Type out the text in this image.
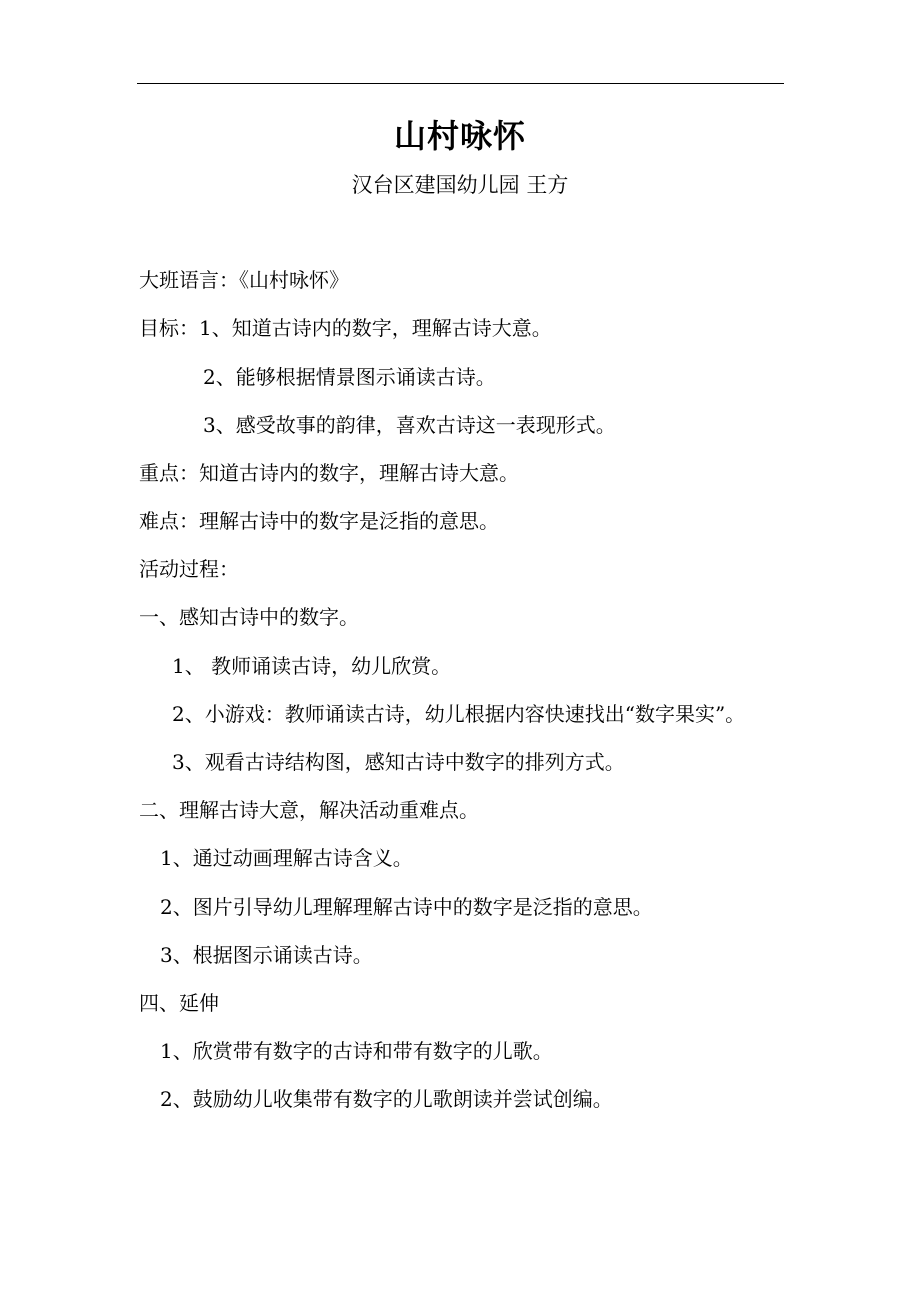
山村咏怀
汉台区建国幼儿园 王方
大班语言：《山村咏怀》
目标：1、知道古诗内的数字，理解古诗大意。
2、能够根据情景图示诵读古诗。
3、感受故事的韵律，喜欢古诗这一表现形式。
重点：知道古诗内的数字，理解古诗大意。
难点：理解古诗中的数字是泛指的意思。
活动过程：
一、感知古诗中的数字。
1、 教师诵读古诗，幼儿欣赏。
2、小游戏：教师诵读古诗，幼儿根据内容快速找出“数字果实”。
3、观看古诗结构图，感知古诗中数字的排列方式。
二、理解古诗大意，解决活动重难点。
1、通过动画理解古诗含义。
2、图片引导幼儿理解理解古诗中的数字是泛指的意思。
3、根据图示诵读古诗。
四、延伸
1、欣赏带有数字的古诗和带有数字的儿歌。
2、鼓励幼儿收集带有数字的儿歌朗读并尝试创编。
